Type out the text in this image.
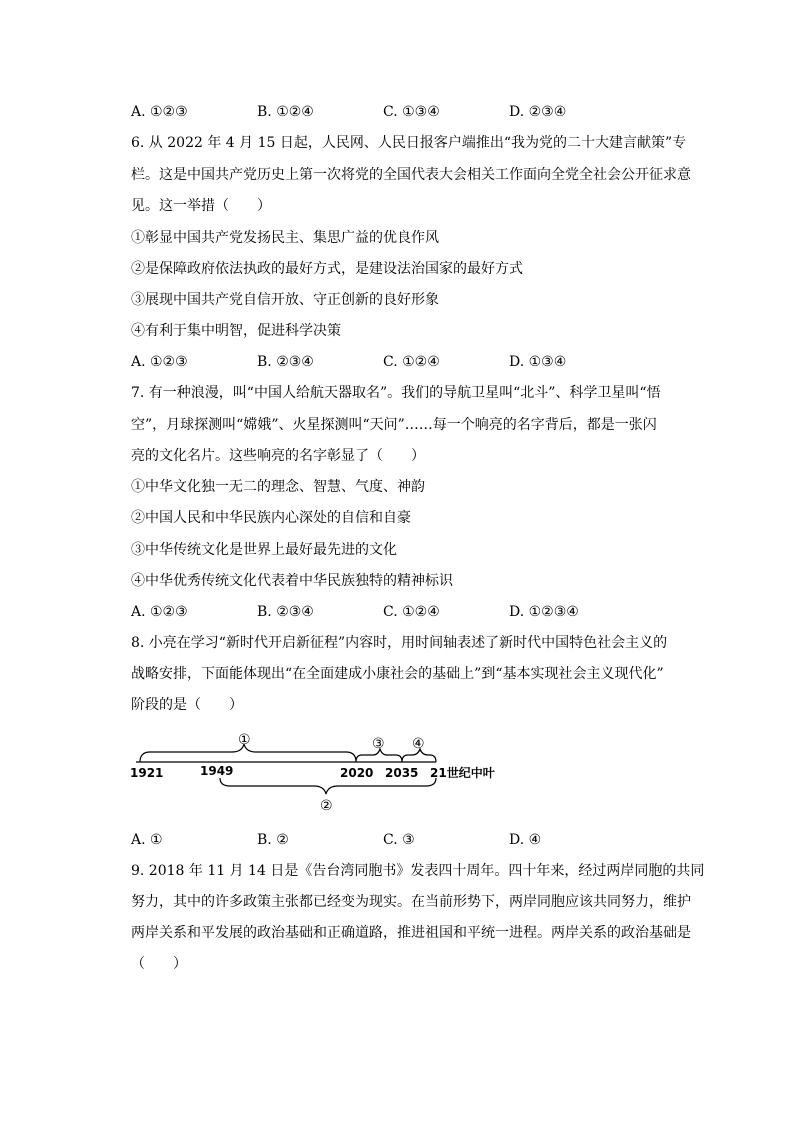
A. ①②③	B. ①②④	C. ①③④	D. ②③④
6. 从 2022 年 4 月 15 日起，人民网、人民日报客户端推出“我为党的二十大建言献策”专
栏。这是中国共产党历史上第一次将党的全国代表大会相关工作面向全党全社会公开征求意
见。这一举措（　　）
①彰显中国共产党发扬民主、集思广益的优良作风
②是保障政府依法执政的最好方式，是建设法治国家的最好方式
③展现中国共产党自信开放、守正创新的良好形象
④有利于集中明智，促进科学决策
A. ①②③	B. ②③④	C. ①②④	D. ①③④
7. 有一种浪漫，叫“中国人给航天器取名”。我们的导航卫星叫“北斗”、科学卫星叫“悟
空”，月球探测叫“嫦娥”、火星探测叫“天问”……每一个响亮的名字背后，都是一张闪
亮的文化名片。这些响亮的名字彰显了（　　）
①中华文化独一无二的理念、智慧、气度、神韵
②中国人民和中华民族内心深处的自信和自豪
③中华传统文化是世界上最好最先进的文化
④中华优秀传统文化代表着中华民族独特的精神标识
A. ①②③	B. ②③④	C. ①②④	D. ①②③④
8. 小亮在学习“新时代开启新征程”内容时，用时间轴表述了新时代中国特色社会主义的
战略安排，下面能体现出“在全面建成小康社会的基础上”到“基本实现社会主义现代化”
阶段的是（　　）
①	③ ④
②
1921	1949	2020 2035 21世纪中叶
A. ①	B. ②	C. ③	D. ④
9. 2018 年 11 月 14 日是《告台湾同胞书》发表四十周年。四十年来，经过两岸同胞的共同
努力，其中的许多政策主张都已经变为现实。在当前形势下，两岸同胞应该共同努力，维护
两岸关系和平发展的政治基础和正确道路，推进祖国和平统一进程。两岸关系的政治基础是
（　　）
